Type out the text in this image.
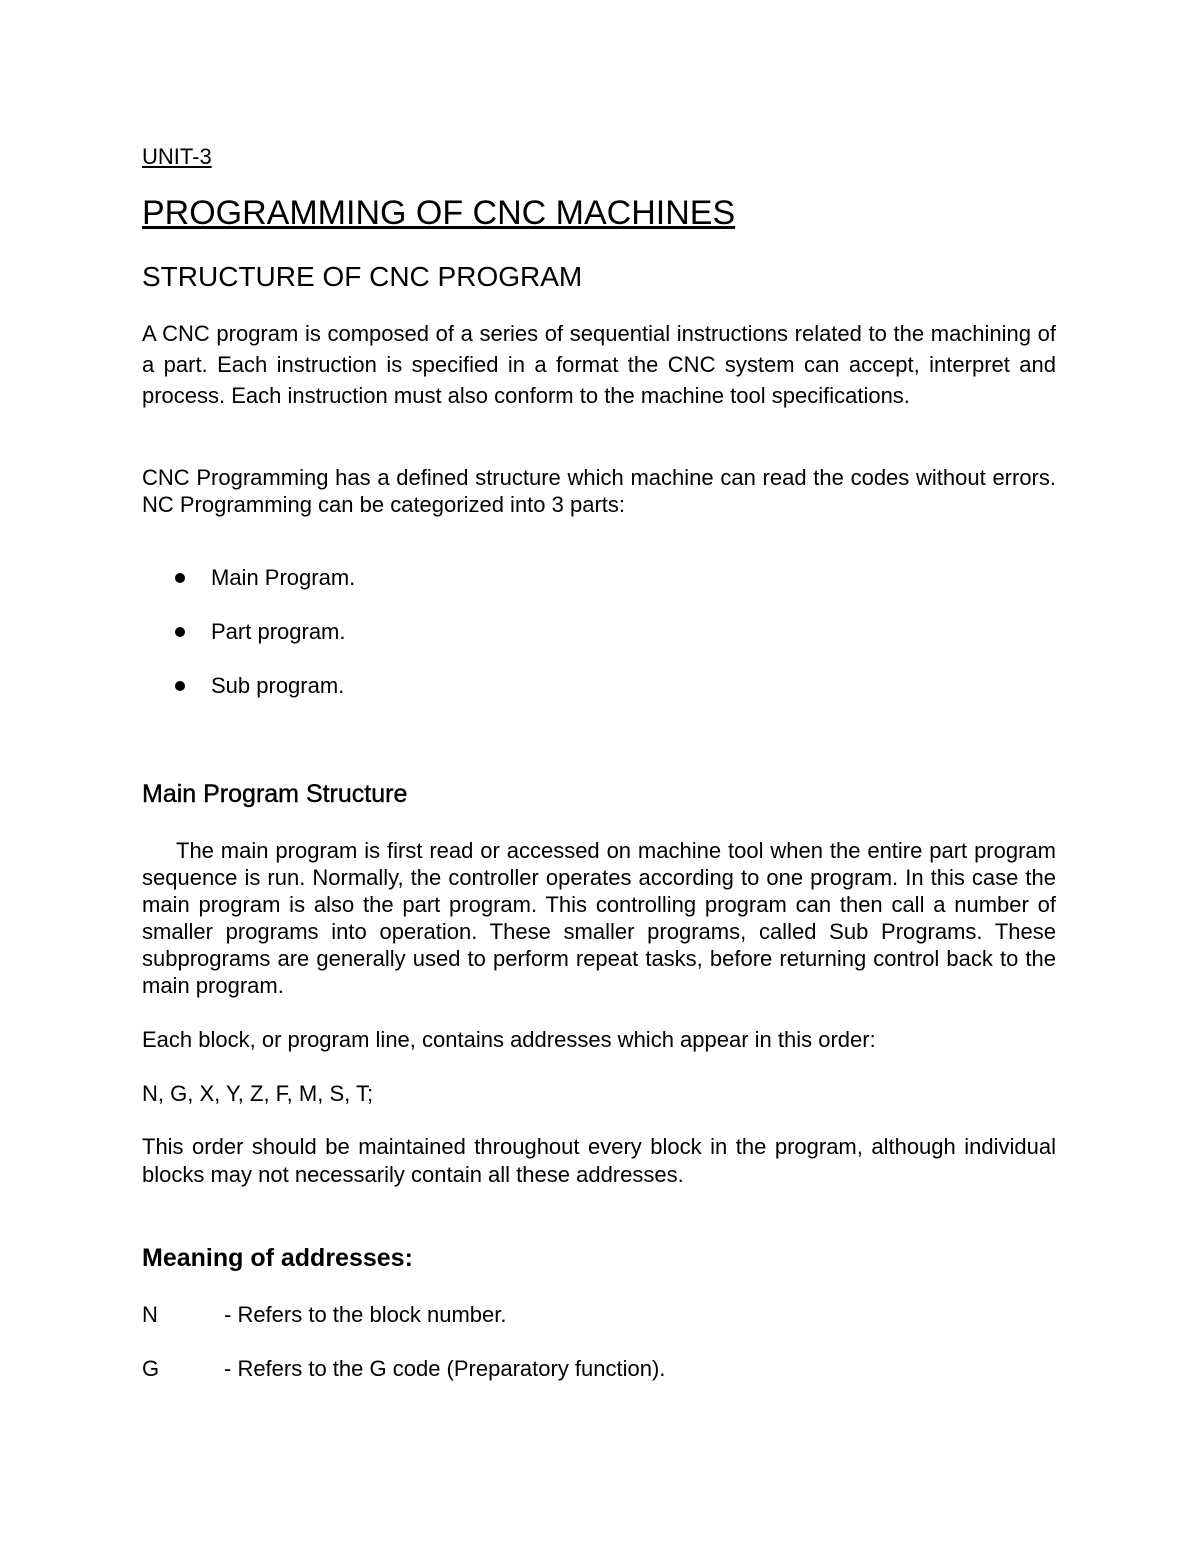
UNIT-3
PROGRAMMING OF CNC MACHINES
STRUCTURE OF CNC PROGRAM

A CNC program is composed of a series of sequential instructions related to the machining of a part. Each instruction is specified in a format the CNC system can accept, interpret and process. Each instruction must also conform to the machine tool specifications.

CNC Programming has a defined structure which machine can read the codes without errors. NC Programming can be categorized into 3 parts:

Main Program.
Part program.
Sub program.
Main Program Structure

The main program is first read or accessed on machine tool when the entire part program sequence is run. Normally, the controller operates according to one program. In this case the main program is also the part program. This controlling program can then call a number of smaller programs into operation. These smaller programs, called Sub Programs. These subprograms are generally used to perform repeat tasks, before returning control back to the main program.

Each block, or program line, contains addresses which appear in this order:
N, G, X, Y, Z, F, M, S, T;

This order should be maintained throughout every block in the program, although individual blocks may not necessarily contain all these addresses.

Meaning of addresses:
N	- Refers to the block number.
G	- Refers to the G code (Preparatory function).
